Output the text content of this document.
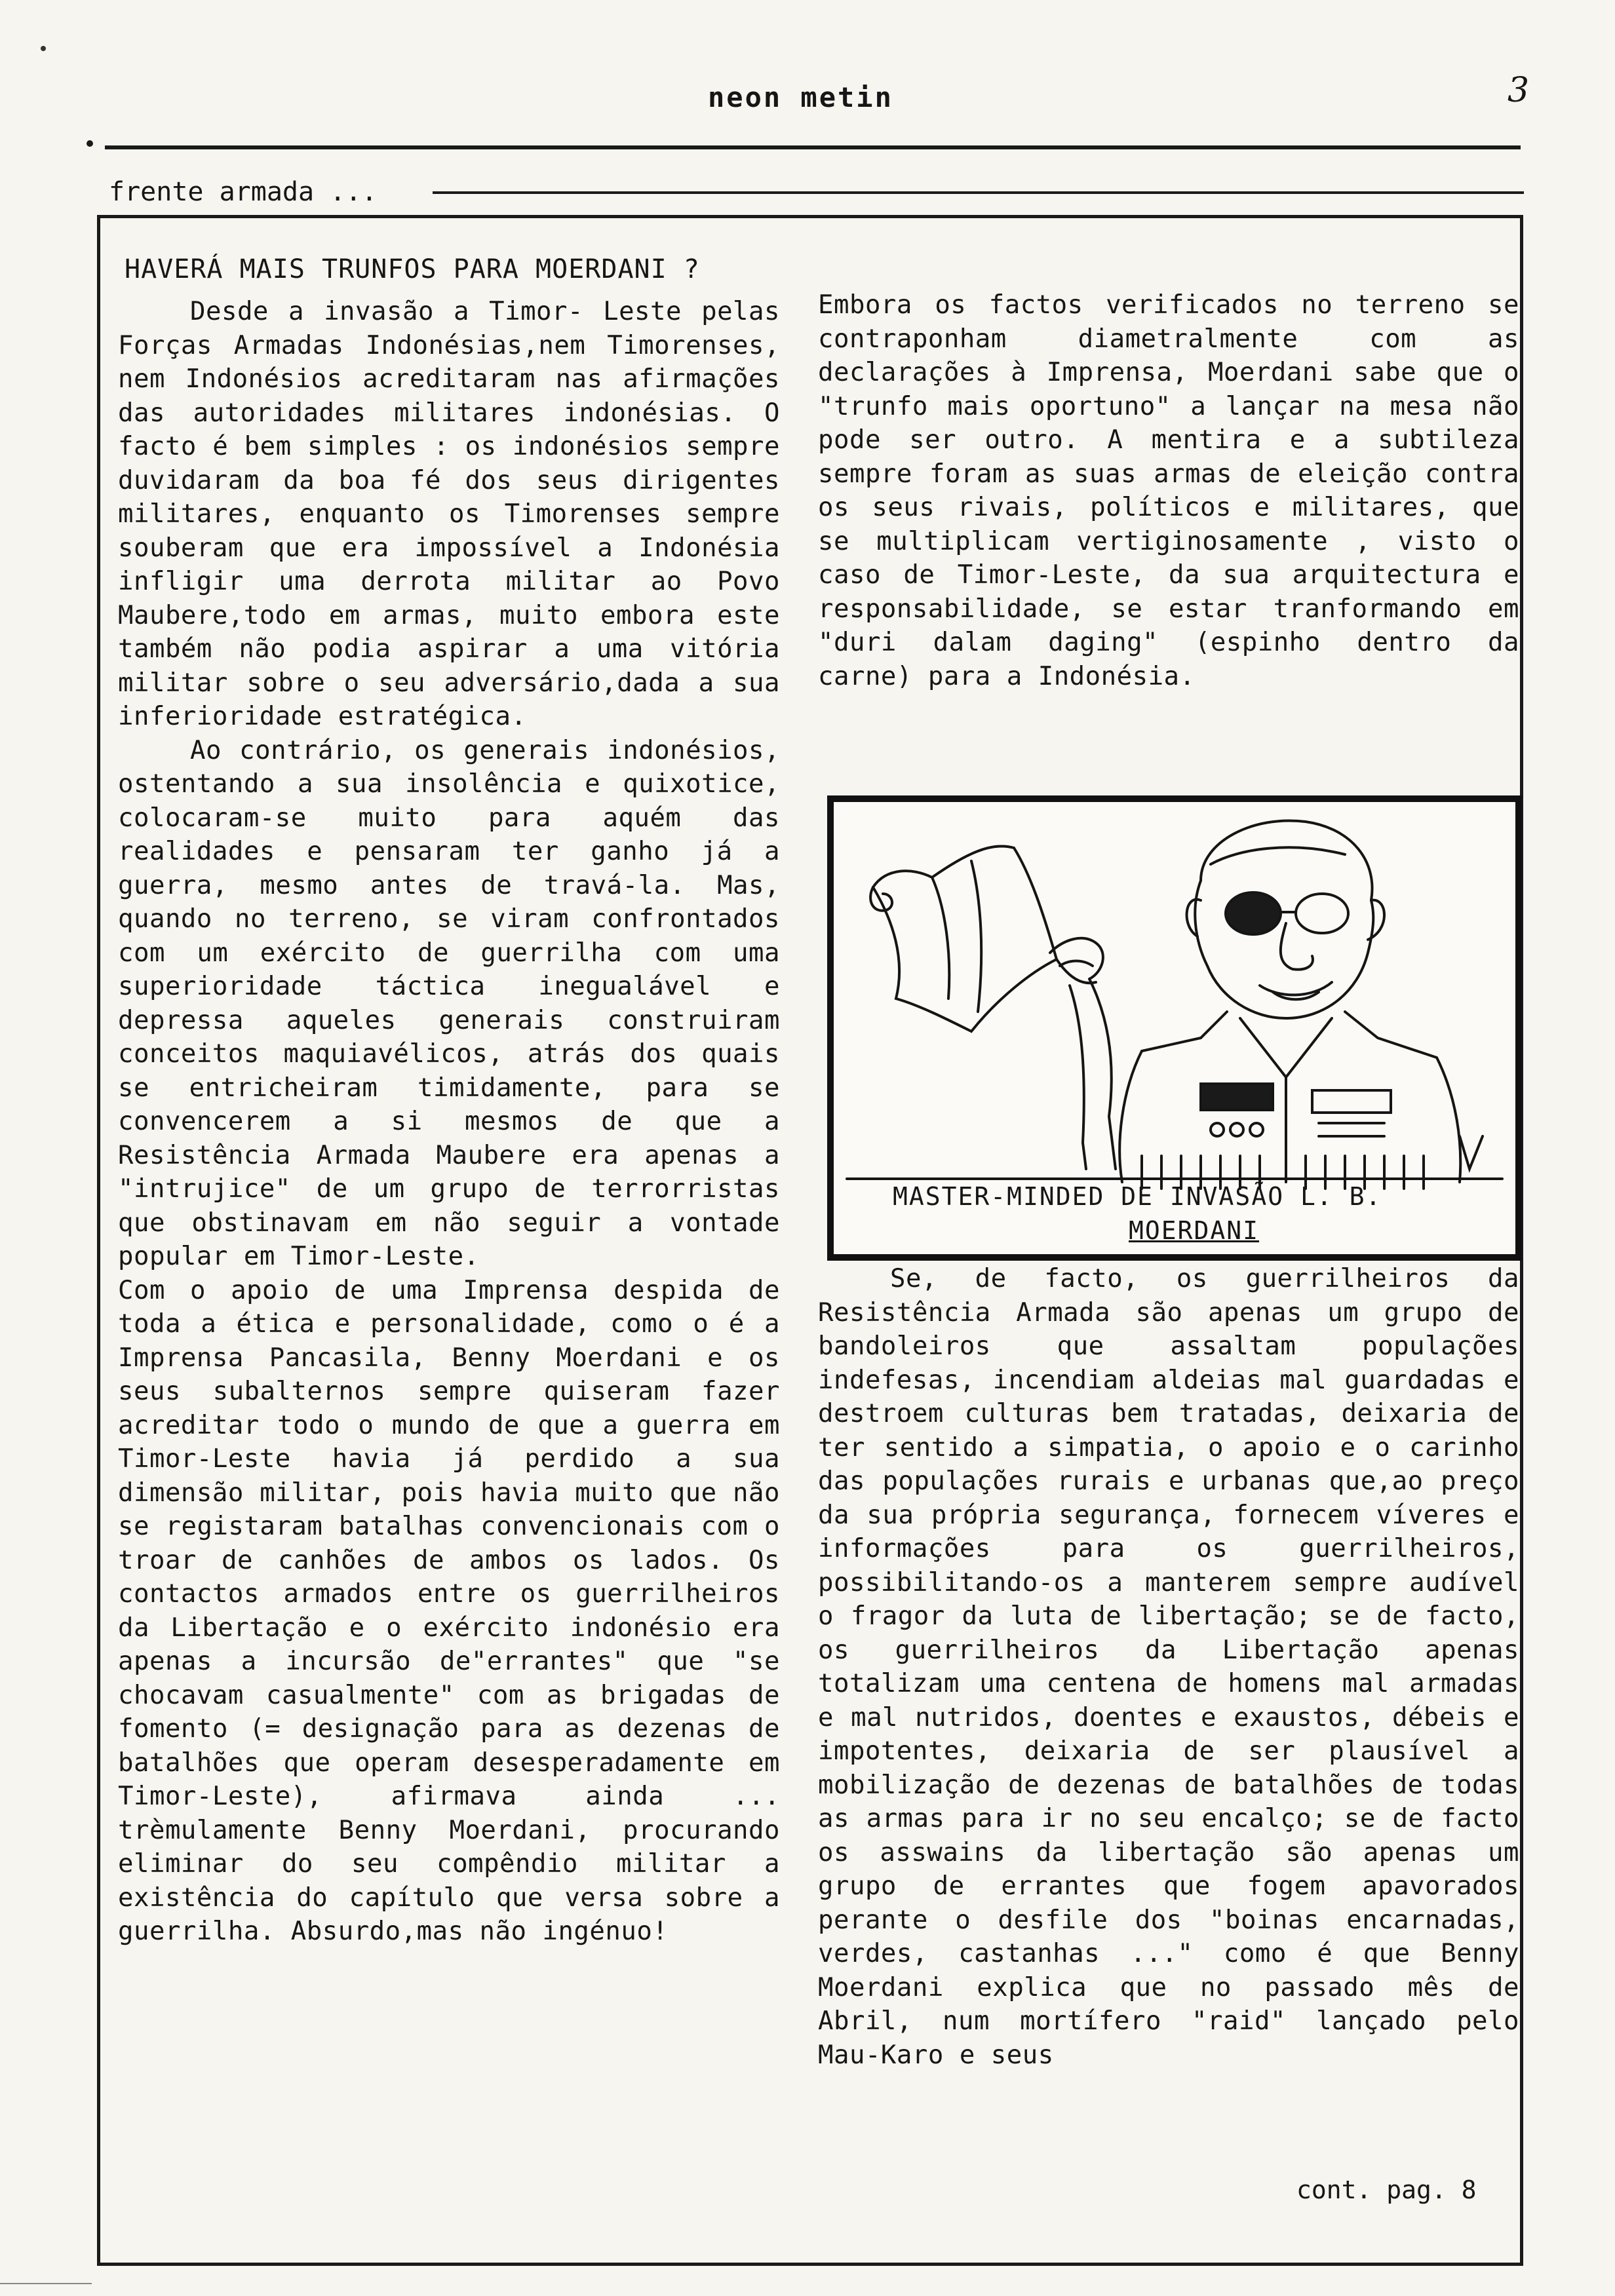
neon metin	3
frente armada ...
HAVERÁ MAIS TRUNFOS PARA MOERDANI ?

Desde a invasão a Timor- Leste pelas Forças Armadas Indonésias,nem Timorenses, nem Indonésios acreditaram nas afirmações das autoridades militares indonésias. O facto é bem simples : os indonésios sempre duvidaram da boa fé dos seus dirigentes militares, enquanto os Timorenses sempre souberam que era impossível a Indonésia infligir uma derrota militar ao Povo Maubere,todo em armas, muito embora este também não podia aspirar a uma vitória militar sobre o seu adversário,dada a sua inferioridade estratégica.

Ao contrário, os generais indonésios, ostentando a sua insolência e quixotice, colocaram-se muito para aquém das realidades e pensaram ter ganho já a guerra, mesmo antes de travá-la. Mas, quando no terreno, se viram confrontados com um exército de guerrilha com uma superioridade táctica inegualável e depressa aqueles generais construiram conceitos maquiavélicos, atrás dos quais se entricheiram timidamente, para se convencerem a si mesmos de que a Resistência Armada Maubere era apenas a "intrujice" de um grupo de terrorristas que obstinavam em não seguir a vontade popular em Timor-Leste.

Com o apoio de uma Imprensa despida de toda a ética e personalidade, como o é a Imprensa Pancasila, Benny Moerdani e os seus subalternos sempre quiseram fazer acreditar todo o mundo de que a guerra em Timor-Leste havia já perdido a sua dimensão militar, pois havia muito que não se registaram batalhas convencionais com o troar de canhões de ambos os lados. Os contactos armados entre os guerrilheiros da Libertação e o exército indonésio era apenas a incursão de"errantes" que "se chocavam casualmente" com as brigadas de fomento (= designação para as dezenas de batalhões que operam desesperadamente em Timor-Leste), afirmava ainda ... trèmulamente Benny Moerdani, procurando eliminar do seu compêndio militar a existência do capítulo que versa sobre a guerrilha. Absurdo,mas não ingénuo!

Embora os factos verificados no terreno se contraponham diametralmente com as declarações à Imprensa, Moerdani sabe que o "trunfo mais oportuno" a lançar na mesa não pode ser outro. A mentira e a subtileza sempre foram as suas armas de eleição contra os seus rivais, políticos e militares, que se multiplicam vertiginosamente , visto o caso de Timor-Leste, da sua arquitectura e responsabilidade, se estar tranformando em "duri dalam daging" (espinho dentro da carne) para a Indonésia.

MASTER-MINDED DE INVASÃO L. B.
MOERDANI

Se, de facto, os guerrilheiros da Resistência Armada são apenas um grupo de bandoleiros que assaltam populações indefesas, incendiam aldeias mal guardadas e destroem culturas bem tratadas, deixaria de ter sentido a simpatia, o apoio e o carinho das populações rurais e urbanas que,ao preço da sua própria segurança, fornecem víveres e informações para os guerrilheiros, possibilitando-os a manterem sempre audível o fragor da luta de libertação; se de facto, os guerrilheiros da Libertação apenas totalizam uma centena de homens mal armadas e mal nutridos, doentes e exaustos, débeis e impotentes, deixaria de ser plausível a mobilização de dezenas de batalhões de todas as armas para ir no seu encalço; se de facto os asswains da libertação são apenas um grupo de errantes que fogem apavorados perante o desfile dos "boinas encarnadas, verdes, castanhas ..." como é que Benny Moerdani explica que no passado mês de Abril, num mortífero "raid" lançado pelo Mau-Karo e seus

cont. pag. 8
